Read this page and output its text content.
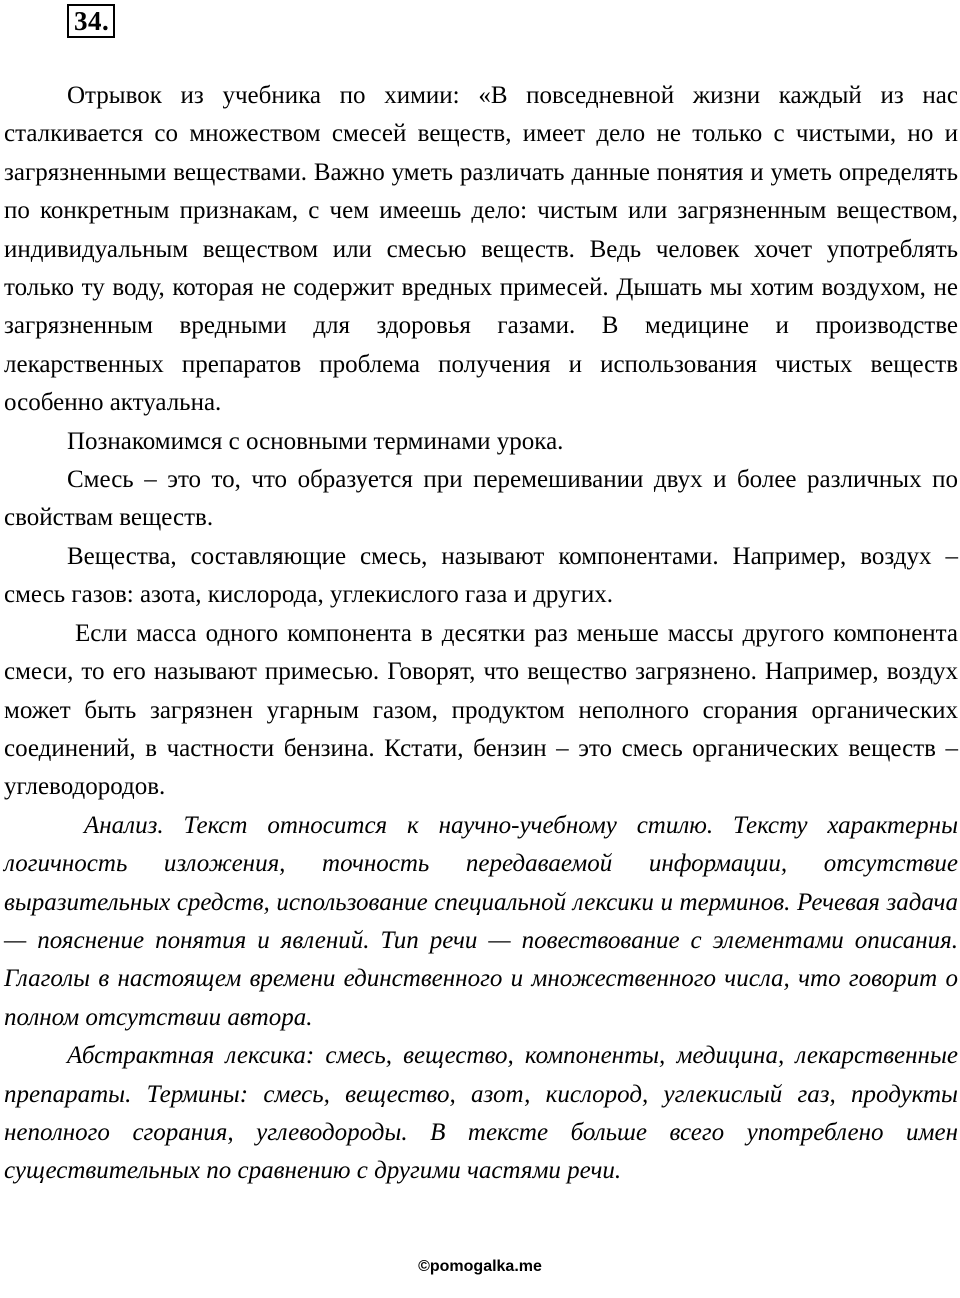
34.

Отрывок из учебника по химии: «В повседневной жизни каждый из нас сталкивается со множеством смесей веществ, имеет дело не только с чистыми, но и загрязненными веществами. Важно уметь различать данные понятия и уметь определять по конкретным признакам, с чем имеешь дело: чистым или загрязненным веществом, индивидуальным веществом или смесью веществ. Ведь человек хочет употреблять только ту воду, которая не содержит вредных примесей. Дышать мы хотим воздухом, не загрязненным вредными для здоровья газами. В медицине и производстве лекарственных препаратов проблема получения и использования чистых веществ особенно актуальна.

Познакомимся с основными терминами урока.

Смесь – это то, что образуется при перемешивании двух и более различных по свойствам веществ.

Вещества, составляющие смесь, называют компонентами. Например, воздух – смесь газов: азота, кислорода, углекислого газа и других.

Если масса одного компонента в десятки раз меньше массы другого компонента смеси, то его называют примесью. Говорят, что вещество загрязнено. Например, воздух может быть загрязнен угарным газом, продуктом неполного сгорания органических соединений, в частности бензина. Кстати, бензин – это смесь органических веществ – углеводородов.

Анализ. Текст относится к научно-учебному стилю. Тексту характерны логичность изложения, точность передаваемой информации, отсутствие выразительных средств, использование специальной лексики и терминов. Речевая задача — пояснение понятия и явлений. Тип речи — повествование с элементами описания. Глаголы в настоящем времени единственного и множественного числа, что говорит о полном отсутствии автора.

Абстрактная лексика: смесь, вещество, компоненты, медицина, лекарственные препараты. Термины: смесь, вещество, азот, кислород, углекислый газ, продукты неполного сгорания, углеводороды. В тексте больше всего употреблено имен существительных по сравнению с другими частями речи.

©pomogalka.me
